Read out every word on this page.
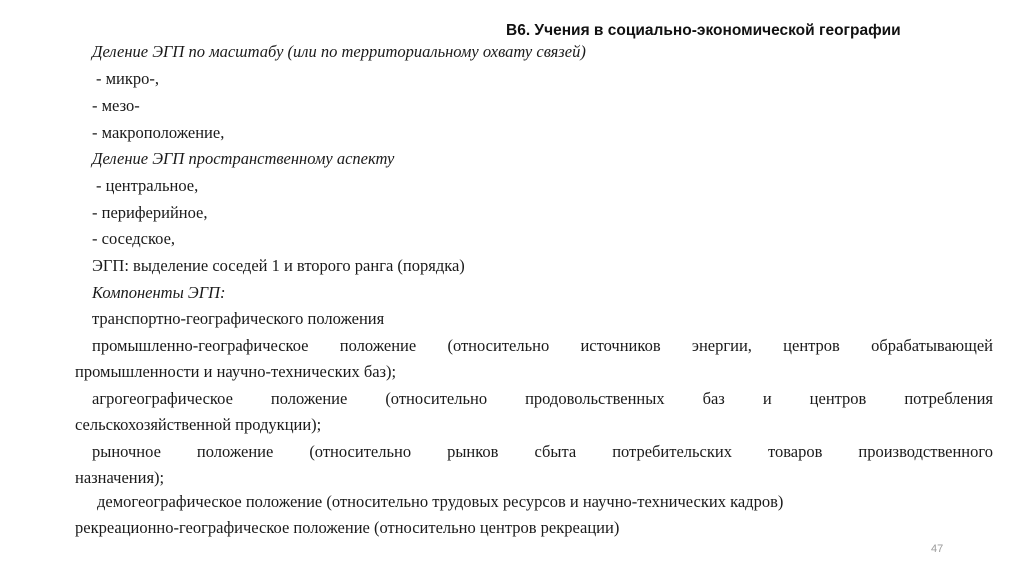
В6. Учения в социально-экономической географии
Деление ЭГП по масштабу (или по территориальному охвату связей)
- микро-,
- мезо-
- макроположение,
Деление ЭГП пространственному аспекту
- центральное,
- периферийное,
- соседское,
ЭГП: выделение соседей 1 и второго ранга (порядка)
Компоненты ЭГП:
транспортно-географического положения
промышленно-географическое положение (относительно источников энергии, центров обрабатывающей
промышленности и научно-технических баз);
агрогеографическое положение (относительно продовольственных баз и центров потребления
сельскохозяйственной продукции);
рыночное положение (относительно рынков сбыта потребительских товаров производственного
назначения);
демогеографическое положение (относительно трудовых ресурсов и научно-технических кадров)
рекреационно-географическое положение (относительно центров рекреации)
47
